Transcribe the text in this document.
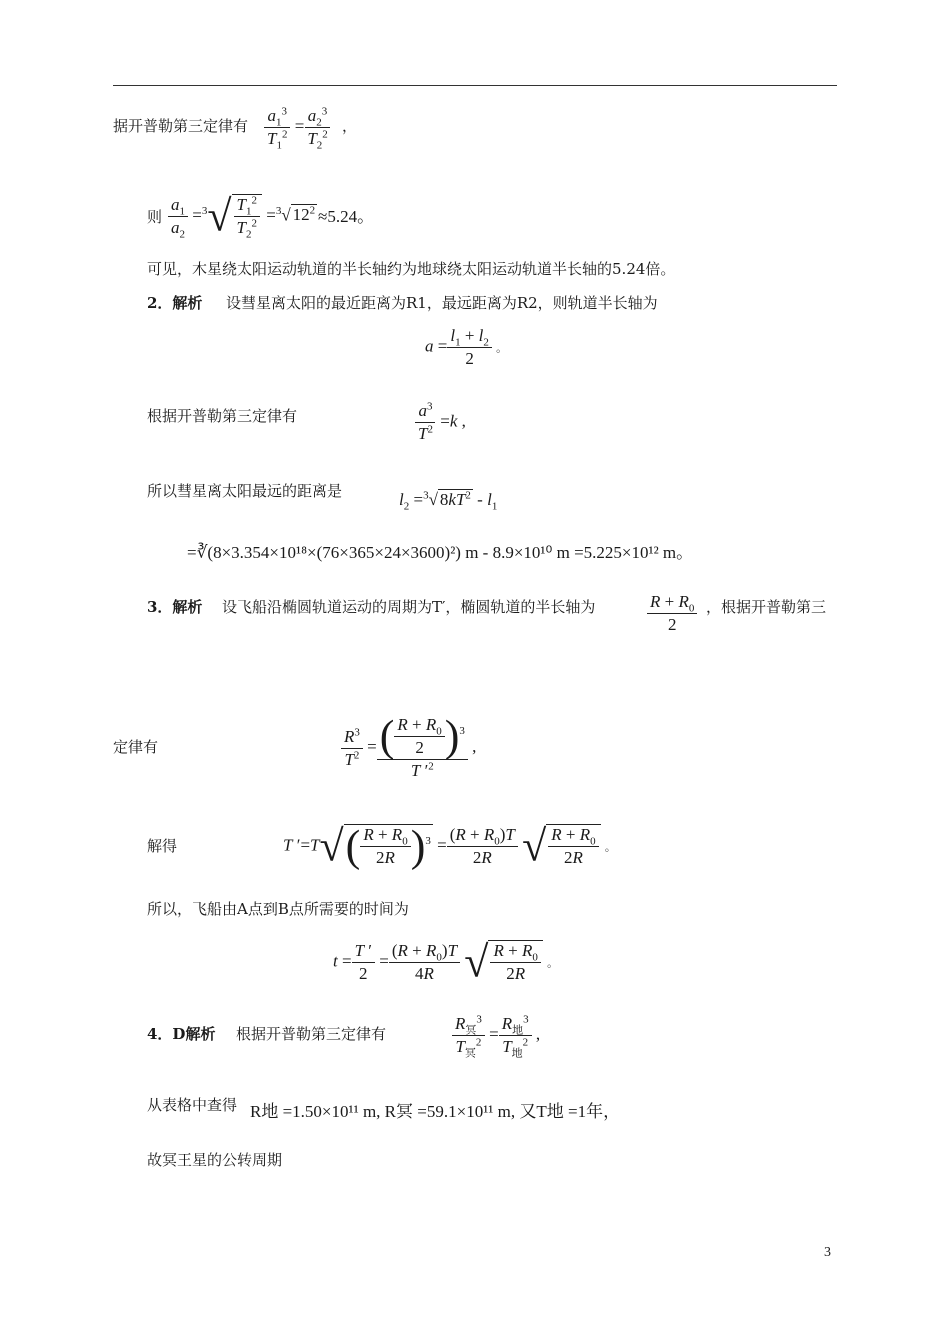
据开普勒第三定律有 $\frac{a_1^3}{T_1^2} = \frac{a_2^3}{T_2^2}$ ，
则 $\frac{a_1}{a_2} =^3√ \frac{T_1^2}{T_2^2} =^3√$ $12^2 \approx 5.24$。
可见，木星绕太阳运动轨道的半长轴约为地球绕太阳运动轨道半长轴的5.24倍。
2．解析 设彗星离太阳的最近距离为R1，最远距离为R2，则轨道半长轴为
$a = \frac{l_1 + l_2}{2}$ 。
根据开普勒第三定律有	$\frac{a^3}{T^2} =k$ ,
所以彗星离太阳最远的距离是	$l_2 =^3√$ $8kT^2 - l_1$
=∛(8×3.354×10¹⁸×(76×365×24×3600)²) m - 8.9×10¹⁰ m =5.225×10¹² m。
3．解析 设飞船沿椭圆轨道运动的周期为T′，椭圆轨道的半长轴为	$\frac{R + R_0}{2}$ ，根据开普勒第三
定律有	$\frac{R^3}{T^2} = \frac{( \frac{R + R_0}{2} )^3}{T '^2}$ ,
解得	T $'=T√( \frac{R + R_0}{2R} )^3 = \frac{(R + R_0)T}{2R}$ √ $\frac{R + R_0}{2R}$ 。
所以，飞船由A点到B点所需要的时间为
$t = \frac{T '}{2} = \frac{(R + R_0)T}{4R}$ √ $\frac{R + R_0}{2R}$ 。
4．D解析 根据开普勒第三定律有	$\frac{R_冥^3}{T_冥^2} = \frac{R_地^3}{T_地^2}$ ,
从表格中查得 R地 =1.50×10¹¹ m, R冥 =59.1×10¹¹ m, 又T地 =1年，
故冥王星的公转周期
3
